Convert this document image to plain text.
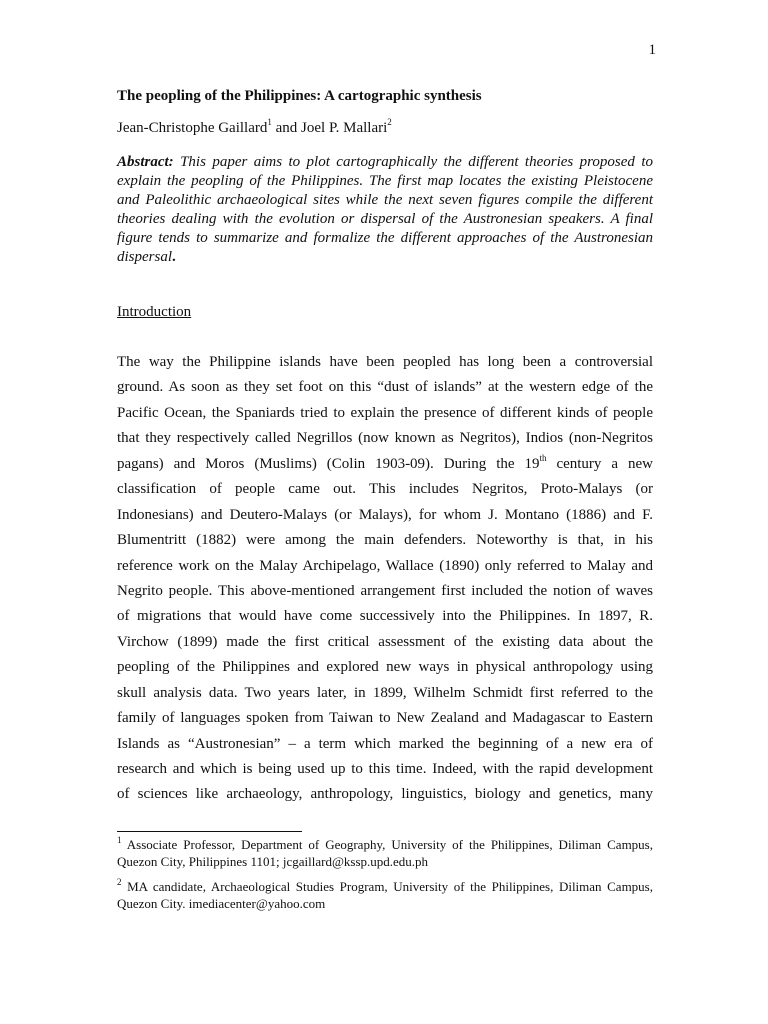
1
The peopling of the Philippines: A cartographic synthesis
Jean-Christophe Gaillard$^1$ and Joel P. Mallari$^2$
Abstract: This paper aims to plot cartographically the different theories proposed to explain the peopling of the Philippines. The first map locates the existing Pleistocene and Paleolithic archaeological sites while the next seven figures compile the different theories dealing with the evolution or dispersal of the Austronesian speakers. A final figure tends to summarize and formalize the different approaches of the Austronesian dispersal.
Introduction
The way the Philippine islands have been peopled has long been a controversial
ground. As soon as they set foot on this “dust of islands” at the western edge of the
Pacific Ocean, the Spaniards tried to explain the presence of different kinds of people
that they respectively called Negrillos (now known as Negritos), Indios (non-Negritos
pagans) and Moros (Muslims) (Colin 1903-09). During the 19th century a new
classification of people came out. This includes Negritos, Proto-Malays (or
Indonesians) and Deutero-Malays (or Malays), for whom J. Montano (1886) and F.
Blumentritt (1882) were among the main defenders. Noteworthy is that, in his
reference work on the Malay Archipelago, Wallace (1890) only referred to Malay and
Negrito people. This above-mentioned arrangement first included the notion of waves
of migrations that would have come successively into the Philippines. In 1897, R.
Virchow (1899) made the first critical assessment of the existing data about the
peopling of the Philippines and explored new ways in physical anthropology using
skull analysis data. Two years later, in 1899, Wilhelm Schmidt first referred to the
family of languages spoken from Taiwan to New Zealand and Madagascar to Eastern
Islands as “Austronesian” – a term which marked the beginning of a new era of
research and which is being used up to this time. Indeed, with the rapid development
of sciences like archaeology, anthropology, linguistics, biology and genetics, many
$^1$ Associate Professor, Department of Geography, University of the Philippines, Diliman Campus,
Quezon City, Philippines 1101; jcgaillard@kssp.upd.edu.ph
$^2$ MA candidate, Archaeological Studies Program, University of the Philippines, Diliman Campus,
Quezon City. imediacenter@yahoo.com
